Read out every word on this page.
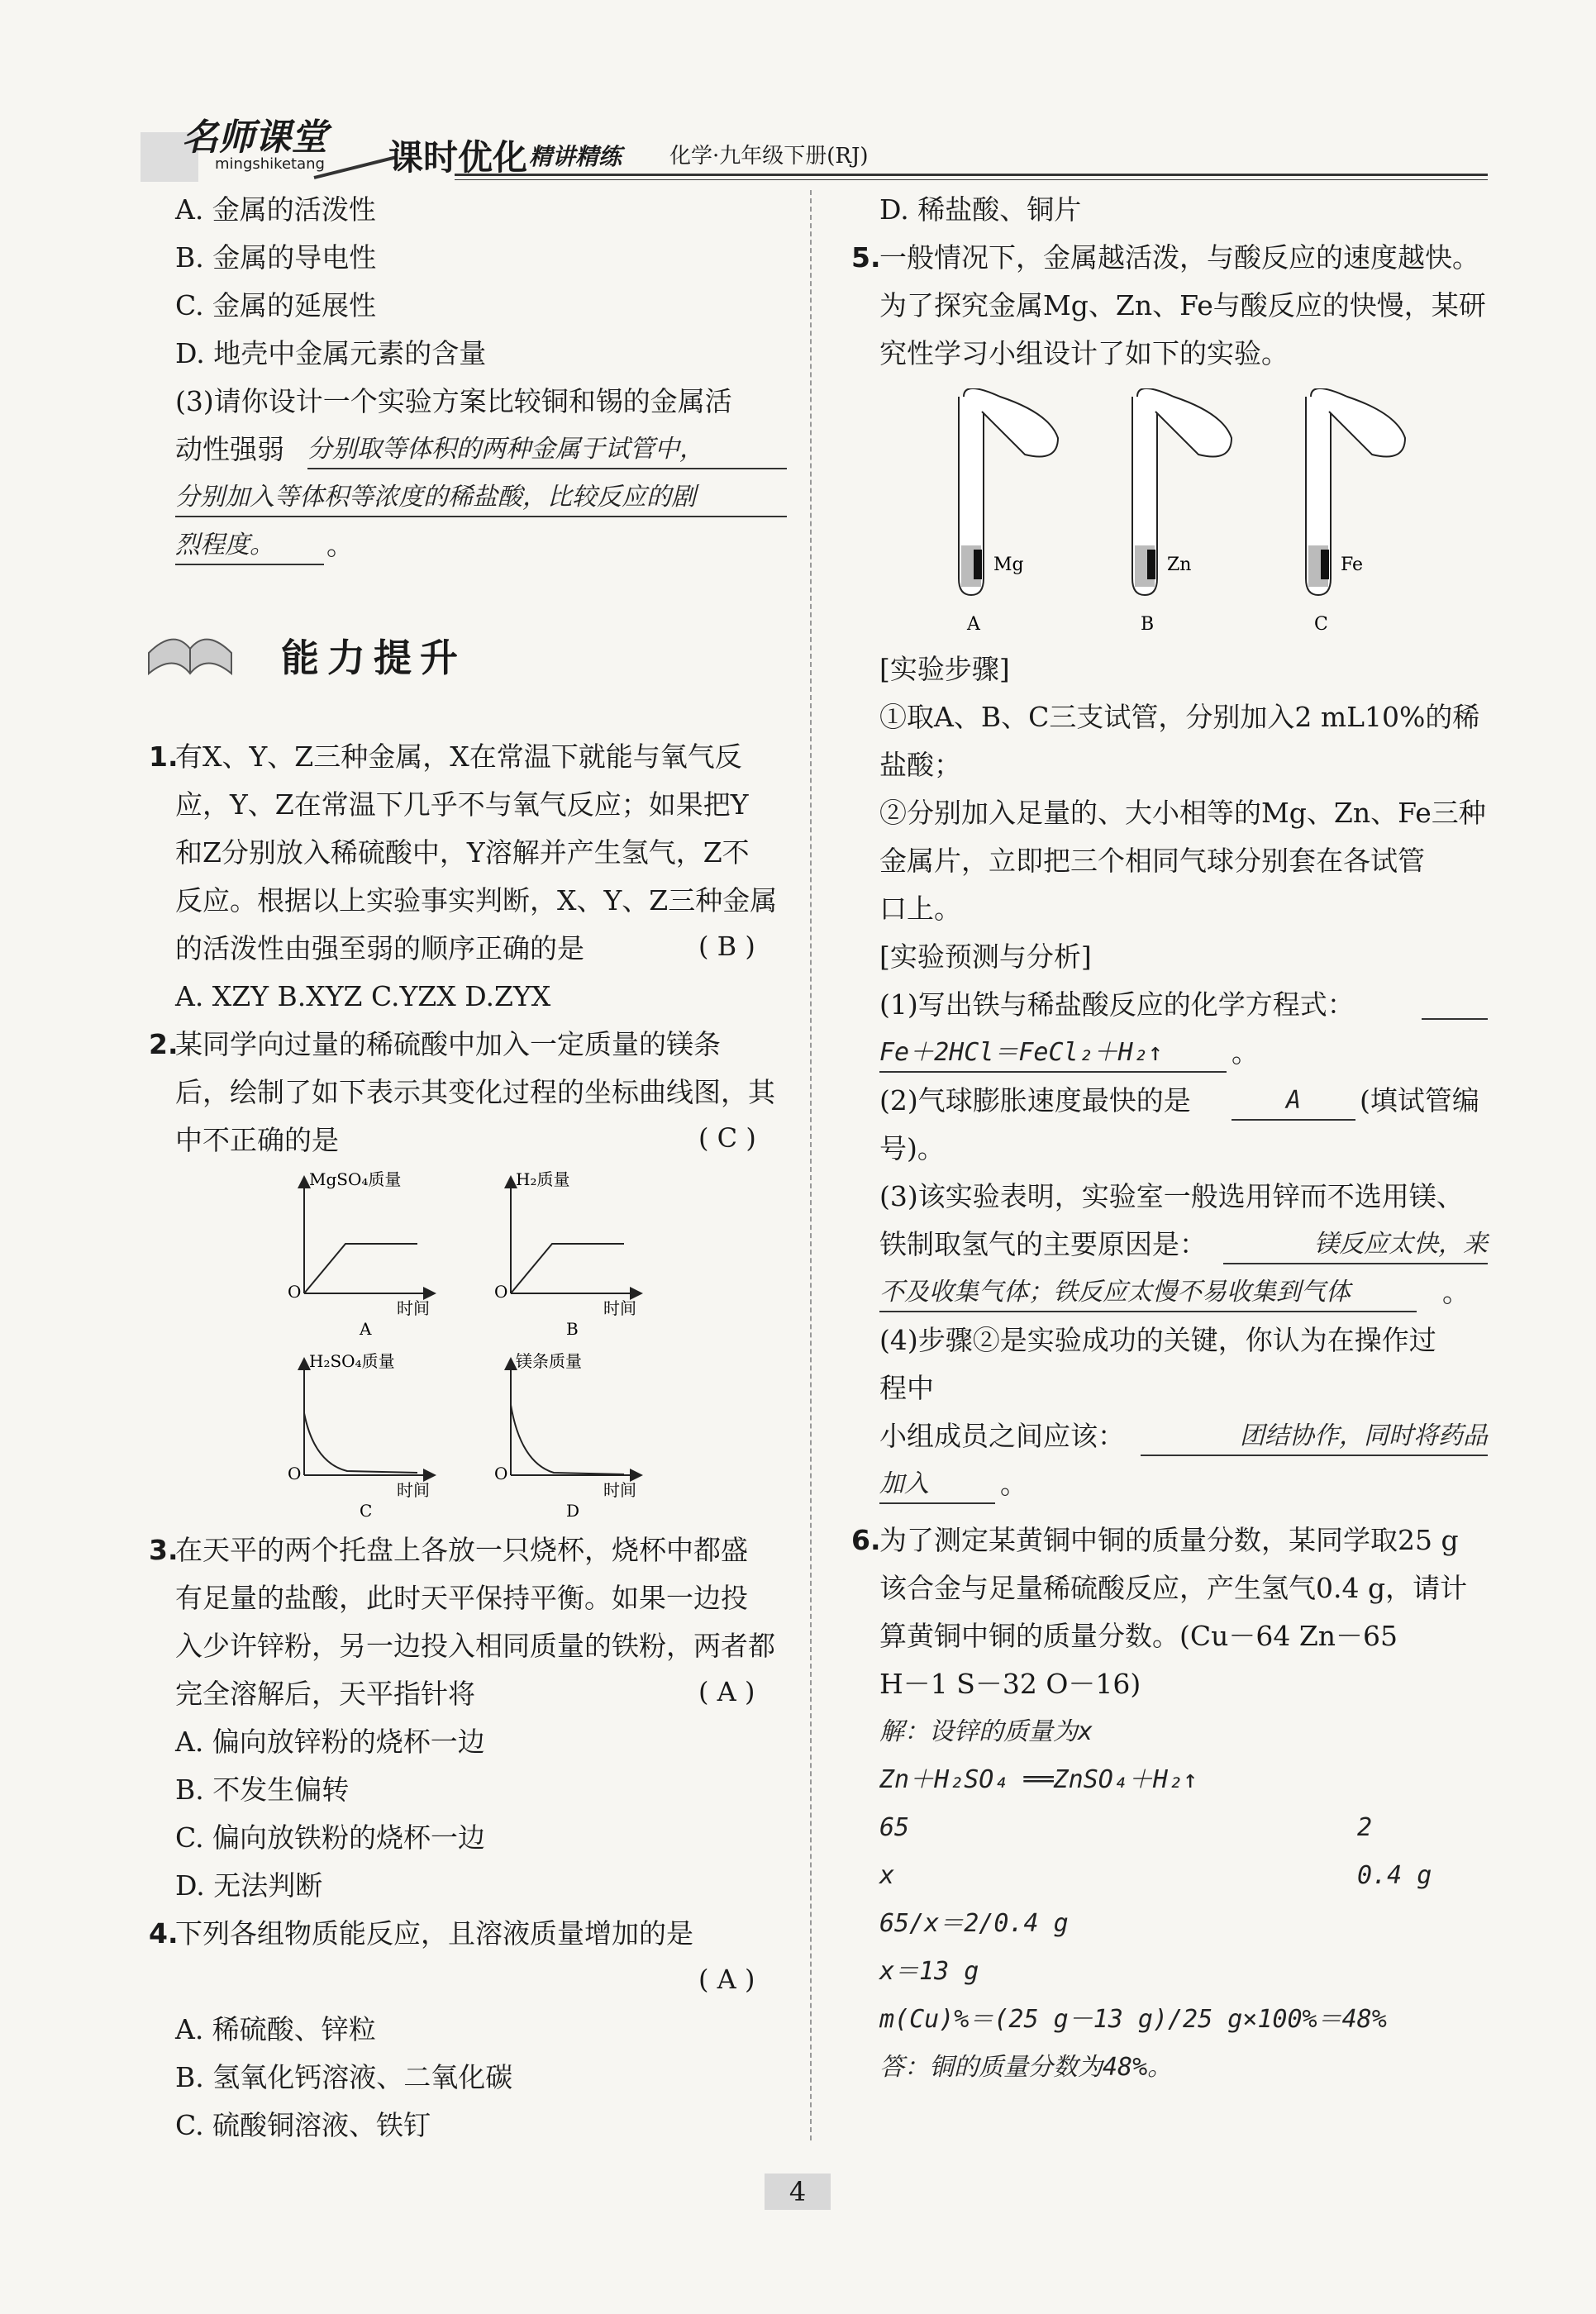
名师课堂
mingshiketang 课时优化 精讲精练 化学·九年级下册(RJ)
A. 金属的活泼性
B. 金属的导电性
C. 金属的延展性
D. 地壳中金属元素的含量
(3)请你设计一个实验方案比较铜和锡的金属活
动性强弱 分别取等体积的两种金属于试管中，
分别加入等体积等浓度的稀盐酸，比较反应的剧
烈程度。	。
能力提升
1.
有X、Y、Z三种金属，X在常温下就能与氧气反
应，Y、Z在常温下几乎不与氧气反应；如果把Y
和Z分别放入稀硫酸中，Y溶解并产生氢气，Z不
反应。根据以上实验事实判断，X、Y、Z三种金属
的活泼性由强至弱的顺序正确的是	( B )
A. XZY B.XYZ C.YZX D.ZYX
2.
某同学向过量的稀硫酸中加入一定质量的镁条
后，绘制了如下表示其变化过程的坐标曲线图，其
中不正确的是	( C )
MgSO₄质量
O
时间
A
H₂质量
O
时间
B
H₂SO₄质量
O
时间
C
镁条质量
O
时间
D
3.
在天平的两个托盘上各放一只烧杯，烧杯中都盛
有足量的盐酸，此时天平保持平衡。如果一边投
入少许锌粉，另一边投入相同质量的铁粉，两者都
完全溶解后，天平指针将	( A )
A. 偏向放锌粉的烧杯一边
B. 不发生偏转
C. 偏向放铁粉的烧杯一边
D. 无法判断
4.
下列各组物质能反应，且溶液质量增加的是
( A )
A. 稀硫酸、锌粒
B. 氢氧化钙溶液、二氧化碳
C. 硫酸铜溶液、铁钉
D. 稀盐酸、铜片
5.
一般情况下，金属越活泼，与酸反应的速度越快。
为了探究金属Mg、Zn、Fe与酸反应的快慢，某研
究性学习小组设计了如下的实验。
Mg
A
Zn
B
Fe
C
[实验步骤]
①取A、B、C三支试管，分别加入2 mL10%的稀
盐酸；
②分别加入足量的、大小相等的Mg、Zn、Fe三种
金属片，立即把三个相同气球分别套在各试管
口上。
[实验预测与分析]
(1)写出铁与稀盐酸反应的化学方程式：
Fe＋2HCl＝FeCl₂＋H₂↑	。
(2)气球膨胀速度最快的是	A	(填试管编
号)。
(3)该实验表明，实验室一般选用锌而不选用镁、
铁制取氢气的主要原因是：	镁反应太快，来
不及收集气体；铁反应太慢不易收集到气体	。
(4)步骤②是实验成功的关键，你认为在操作过
程中
小组成员之间应该：	团结协作，同时将药品
加入	。
6.
为了测定某黄铜中铜的质量分数，某同学取25 g
该合金与足量稀硫酸反应，产生氢气0.4 g，请计
算黄铜中铜的质量分数。(Cu－64 Zn－65
H－1 S－32 O－16)
解：设锌的质量为x
Zn＋H₂SO₄ ══ZnSO₄＋H₂↑
65                              2
x                               0.4 g
65/x＝2/0.4 g
x＝13 g
m(Cu)%＝(25 g－13 g)/25 g×100%＝48%
答：铜的质量分数为48%。
4
